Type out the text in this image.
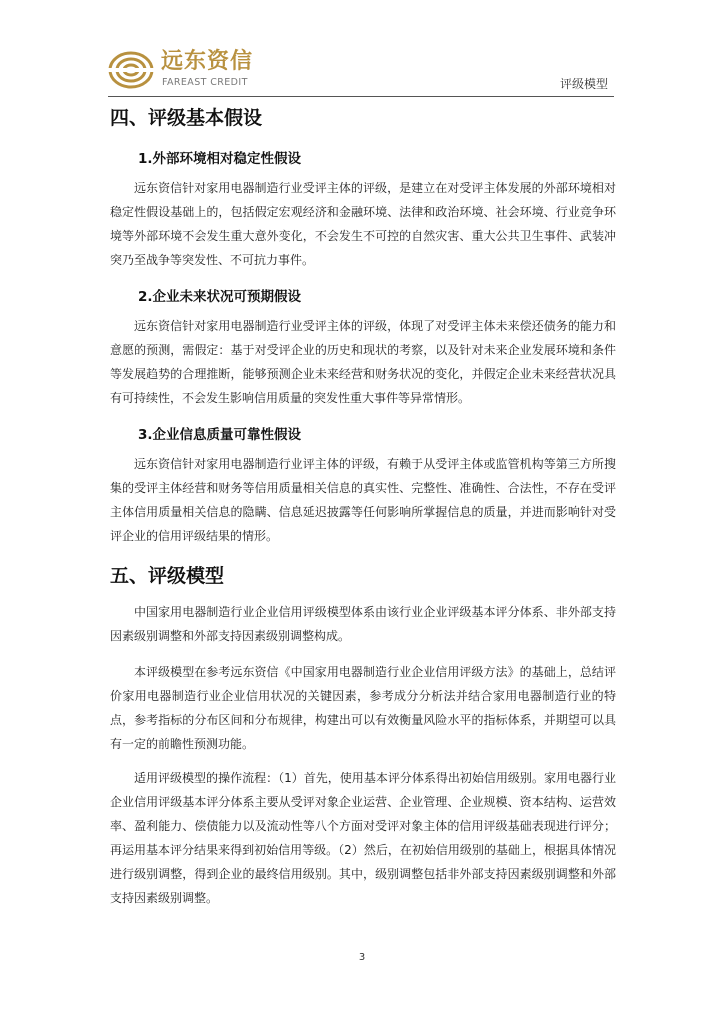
远东资信
FAREAST CREDIT	评级模型
四、评级基本假设
1.外部环境相对稳定性假设

远东资信针对家用电器制造行业受评主体的评级，是建立在对受评主体发展的外部环境相对稳定性假设基础上的，包括假定宏观经济和金融环境、法律和政治环境、社会环境、行业竞争环境等外部环境不会发生重大意外变化，不会发生不可控的自然灾害、重大公共卫生事件、武装冲突乃至战争等突发性、不可抗力事件。

2.企业未来状况可预期假设

远东资信针对家用电器制造行业受评主体的评级，体现了对受评主体未来偿还债务的能力和意愿的预测，需假定：基于对受评企业的历史和现状的考察，以及针对未来企业发展环境和条件等发展趋势的合理推断，能够预测企业未来经营和财务状况的变化，并假定企业未来经营状况具有可持续性，不会发生影响信用质量的突发性重大事件等异常情形。

3.企业信息质量可靠性假设

远东资信针对家用电器制造行业评主体的评级，有赖于从受评主体或监管机构等第三方所搜集的受评主体经营和财务等信用质量相关信息的真实性、完整性、准确性、合法性，不存在受评主体信用质量相关信息的隐瞒、信息延迟披露等任何影响所掌握信息的质量，并进而影响针对受评企业的信用评级结果的情形。

五、评级模型

中国家用电器制造行业企业信用评级模型体系由该行业企业评级基本评分体系、非外部支持因素级别调整和外部支持因素级别调整构成。

本评级模型在参考远东资信《中国家用电器制造行业企业信用评级方法》的基础上，总结评价家用电器制造行业企业信用状况的关键因素，参考成分分析法并结合家用电器制造行业的特点，参考指标的分布区间和分布规律，构建出可以有效衡量风险水平的指标体系，并期望可以具有一定的前瞻性预测功能。

适用评级模型的操作流程：（1）首先，使用基本评分体系得出初始信用级别。家用电器行业企业信用评级基本评分体系主要从受评对象企业运营、企业管理、企业规模、资本结构、运营效率、盈利能力、偿债能力以及流动性等八个方面对受评对象主体的信用评级基础表现进行评分；再运用基本评分结果来得到初始信用等级。（2）然后，在初始信用级别的基础上，根据具体情况进行级别调整，得到企业的最终信用级别。其中，级别调整包括非外部支持因素级别调整和外部支持因素级别调整。

3
